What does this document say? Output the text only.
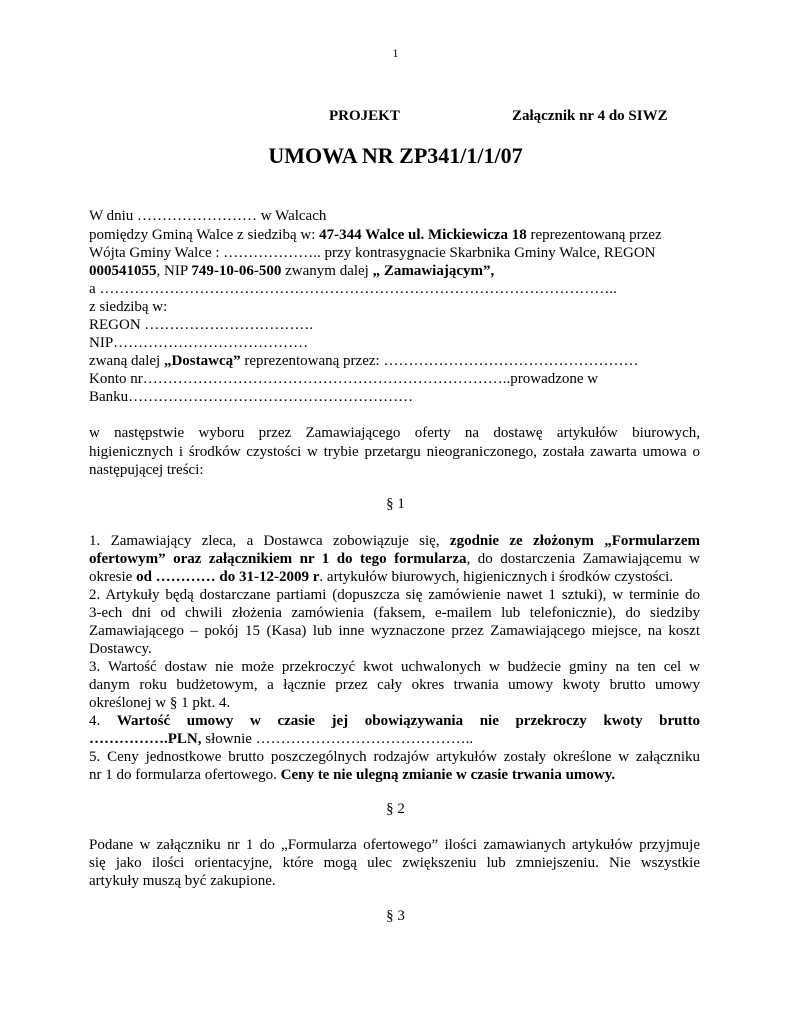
1
PROJEKT	Załącznik nr 4 do SIWZ
UMOWA NR ZP341/1/1/07
W dniu …………………… w Walcach
pomiędzy Gminą Walce z siedzibą w: 47-344 Walce ul. Mickiewicza 18 reprezentowaną przez
Wójta Gminy Walce : ……………….. przy kontrasygnacie Skarbnika Gminy Walce, REGON
000541055, NIP 749-10-06-500 zwanym dalej „ Zamawiającym”,
a …………………………………………………………………………………………..
z siedzibą w:
REGON …………………………….
NIP…………………………………
zwaną dalej „Dostawcą” reprezentowaną przez: ……………………………………………
Konto nr………………………………………………………………..prowadzone w
Banku…………………………………………………
w następstwie wyboru przez Zamawiającego oferty na dostawę artykułów biurowych,
higienicznych i środków czystości w trybie przetargu nieograniczonego, została zawarta umowa o
następującej treści:
§ 1
1. Zamawiający zleca, a Dostawca zobowiązuje się, zgodnie ze złożonym „Formularzem
ofertowym” oraz załącznikiem nr 1 do tego formularza, do dostarczenia Zamawiającemu w
okresie od ………… do 31-12-2009 r. artykułów biurowych, higienicznych i środków czystości.
2. Artykuły będą dostarczane partiami (dopuszcza się zamówienie nawet 1 sztuki), w terminie do
3-ech dni od chwili złożenia zamówienia (faksem, e-mailem lub telefonicznie), do siedziby
Zamawiającego – pokój 15 (Kasa) lub inne wyznaczone przez Zamawiającego miejsce, na koszt
Dostawcy.
3. Wartość dostaw nie może przekroczyć kwot uchwalonych w budżecie gminy na ten cel w
danym roku budżetowym, a łącznie przez cały okres trwania umowy kwoty brutto umowy
określonej w § 1 pkt. 4.
4. Wartość umowy w czasie jej obowiązywania nie przekroczy kwoty brutto
…………….PLN, słownie ……………………………………..
5. Ceny jednostkowe brutto poszczególnych rodzajów artykułów zostały określone w załączniku
nr 1 do formularza ofertowego. Ceny te nie ulegną zmianie w czasie trwania umowy.
§ 2
Podane w załączniku nr 1 do „Formularza ofertowego” ilości zamawianych artykułów przyjmuje
się jako ilości orientacyjne, które mogą ulec zwiększeniu lub zmniejszeniu. Nie wszystkie
artykuły muszą być zakupione.
§ 3
